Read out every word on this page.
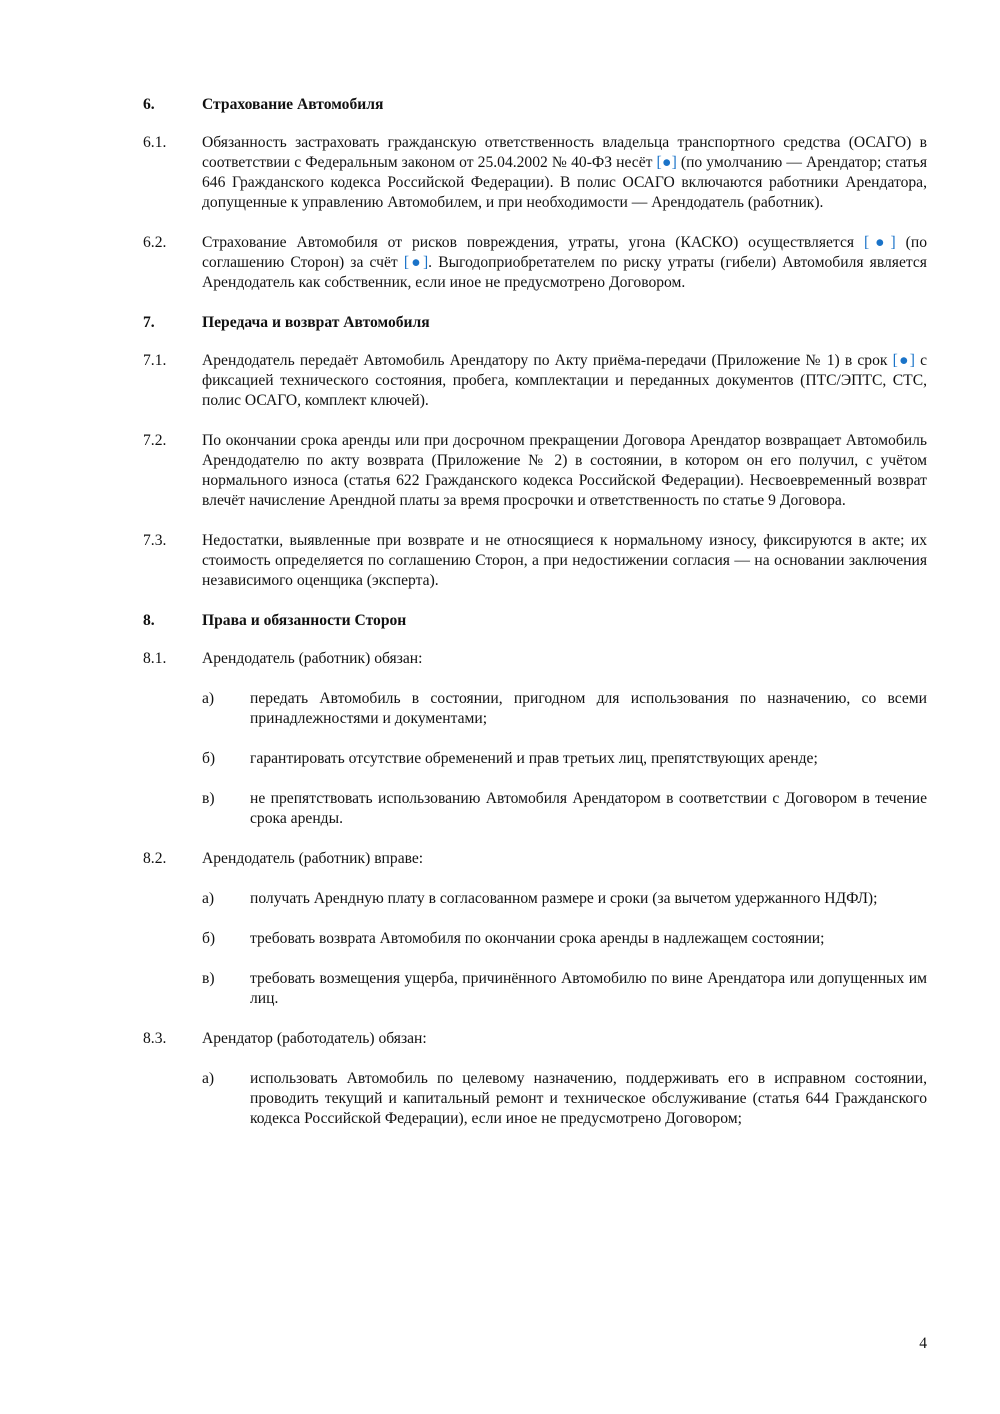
6.	Страхование Автомобиля
6.1.	Обязанность застраховать гражданскую ответственность владельца транспортного средства (ОСАГО) в соответствии с Федеральным законом от 25.04.2002 № 40-ФЗ несёт [●] (по умолчанию — Арендатор; статья 646 Гражданского кодекса Российской Федерации). В полис ОСАГО включаются работники Арендатора, допущенные к управлению Автомобилем, и при необходимости — Арендодатель (работник).
6.2.	Страхование Автомобиля от рисков повреждения, утраты, угона (КАСКО) осуществляется [●] (по соглашению Сторон) за счёт [●]. Выгодоприобретателем по риску утраты (гибели) Автомобиля является Арендодатель как собственник, если иное не предусмотрено Договором.
7.	Передача и возврат Автомобиля
7.1.	Арендодатель передаёт Автомобиль Арендатору по Акту приёма-передачи (Приложение № 1) в срок [●] с фиксацией технического состояния, пробега, комплектации и переданных документов (ПТС/ЭПТС, СТС, полис ОСАГО, комплект ключей).
7.2.	По окончании срока аренды или при досрочном прекращении Договора Арендатор возвращает Автомобиль Арендодателю по акту возврата (Приложение № 2) в состоянии, в котором он его получил, с учётом нормального износа (статья 622 Гражданского кодекса Российской Федерации). Несвоевременный возврат влечёт начисление Арендной платы за время просрочки и ответственность по статье 9 Договора.
7.3.	Недостатки, выявленные при возврате и не относящиеся к нормальному износу, фиксируются в акте; их стоимость определяется по соглашению Сторон, а при недостижении согласия — на основании заключения независимого оценщика (эксперта).
8.	Права и обязанности Сторон
8.1.	Арендодатель (работник) обязан:
а)	передать Автомобиль в состоянии, пригодном для использования по назначению, со всеми принадлежностями и документами;
б)	гарантировать отсутствие обременений и прав третьих лиц, препятствующих аренде;
в)	не препятствовать использованию Автомобиля Арендатором в соответствии с Договором в течение срока аренды.
8.2.	Арендодатель (работник) вправе:
а)	получать Арендную плату в согласованном размере и сроки (за вычетом удержанного НДФЛ);
б)	требовать возврата Автомобиля по окончании срока аренды в надлежащем состоянии;
в)	требовать возмещения ущерба, причинённого Автомобилю по вине Арендатора или допущенных им лиц.
8.3.	Арендатор (работодатель) обязан:
а)	использовать Автомобиль по целевому назначению, поддерживать его в исправном состоянии, проводить текущий и капитальный ремонт и техническое обслуживание (статья 644 Гражданского кодекса Российской Федерации), если иное не предусмотрено Договором;
4
